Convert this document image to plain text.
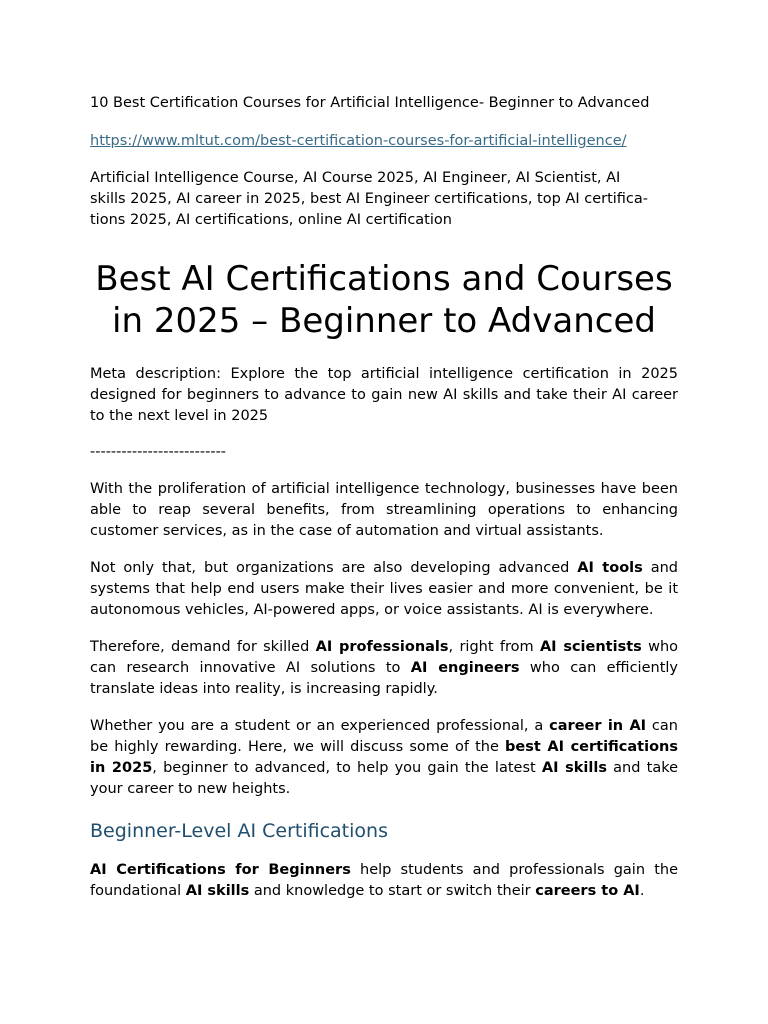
10 Best Certification Courses for Artificial Intelligence- Beginner to Advanced
https://www.mltut.com/best-certification-courses-for-artificial-intelligence/
Artificial Intelligence Course, AI Course 2025, AI Engineer, AI Scientist, AI
skills 2025, AI career in 2025, best AI Engineer certifications, top AI certifica-
tions 2025, AI certifications, online AI certification
Best AI Certifications and Courses
in 2025 – Beginner to Advanced

Meta description: Explore the top artificial intelligence certification in 2025 designed for beginners to advance to gain new AI skills and take their AI career to the next level in 2025

--------------------------

With the proliferation of artificial intelligence technology, businesses have been able to reap several benefits, from streamlining operations to enhancing customer services, as in the case of automation and virtual assistants.

Not only that, but organizations are also developing advanced AI tools and systems that help end users make their lives easier and more convenient, be it autonomous vehicles, AI-powered apps, or voice assistants. AI is everywhere.

Therefore, demand for skilled AI professionals, right from AI scientists who can research innovative AI solutions to AI engineers who can efficiently translate ideas into reality, is increasing rapidly.

Whether you are a student or an experienced professional, a career in AI can be highly rewarding. Here, we will discuss some of the best AI certifications in 2025, beginner to advanced, to help you gain the latest AI skills and take your career to new heights.

Beginner-Level AI Certifications

AI Certifications for Beginners help students and professionals gain the foundational AI skills and knowledge to start or switch their careers to AI.
